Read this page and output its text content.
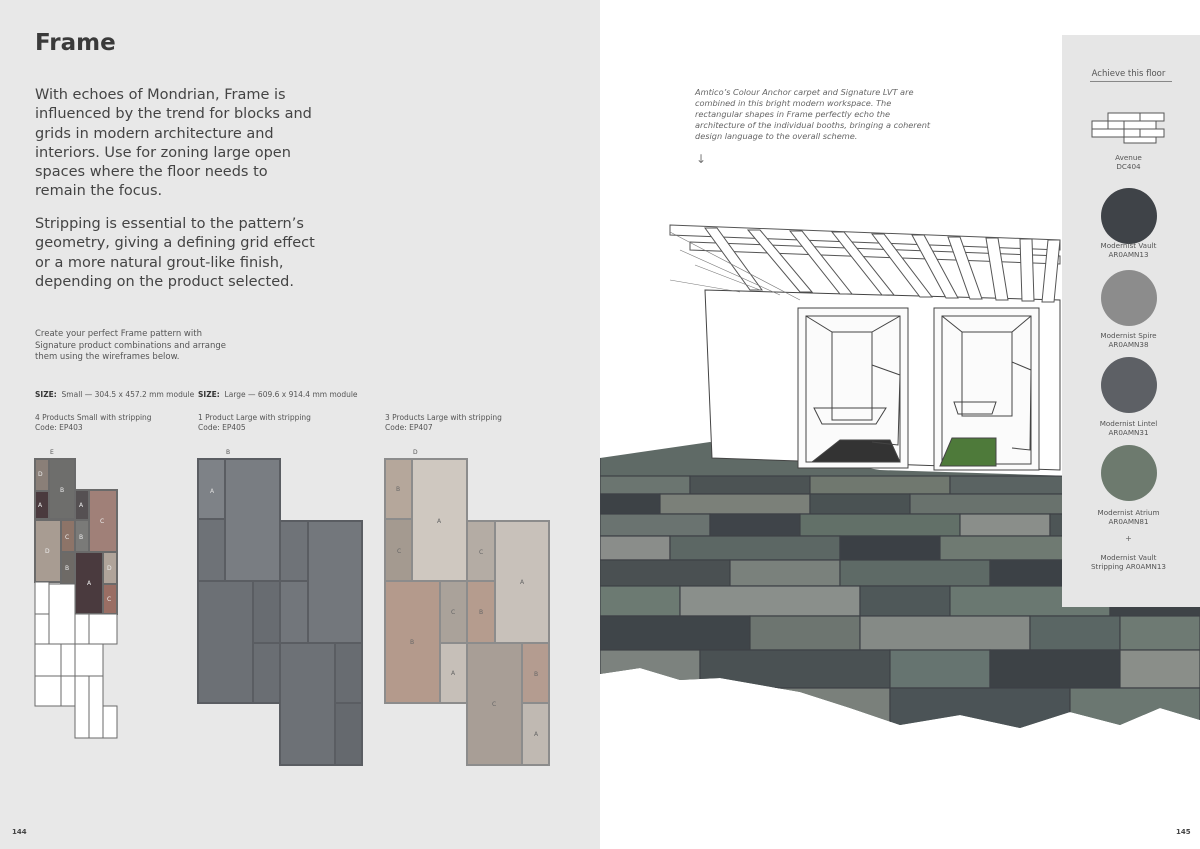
Frame

With echoes of Mondrian, Frame is influenced by the trend for blocks and grids in modern architecture and interiors. Use for zoning large open spaces where the floor needs to remain the focus.

Stripping is essential to the pattern’s geometry, giving a defining grid effect or a more natural grout-like finish, depending on the product selected.

Create your perfect Frame pattern with Signature product combinations and arrange them using the wireframes below.

SIZE: Small — 304.5 x 457.2 mm module SIZE: Large — 609.6 x 914.4 mm module
4 Products Small with stripping
Code: EP403
1 Product Large with stripping
Code: EP405
3 Products Large with stripping
Code: EP407
E
D
B
A	A
C
D
C B
B
A
D
C
B
A
D
B
A
C	C
A
B
C	B
A
C
B
A
144

Amtico’s Colour Anchor carpet and Signature LVT are combined in this bright modern workspace. The rectangular shapes in Frame perfectly echo the architecture of the individual booths, bringing a coherent design language to the overall scheme.

↓
Achieve this floor
Avenue
DC404
Modernist Vault
AR0AMN13
Modernist Spire
AR0AMN38
Modernist Lintel
AR0AMN31
Modernist Atrium
AR0AMN81
+
Modernist Vault
Stripping AR0AMN13
145
